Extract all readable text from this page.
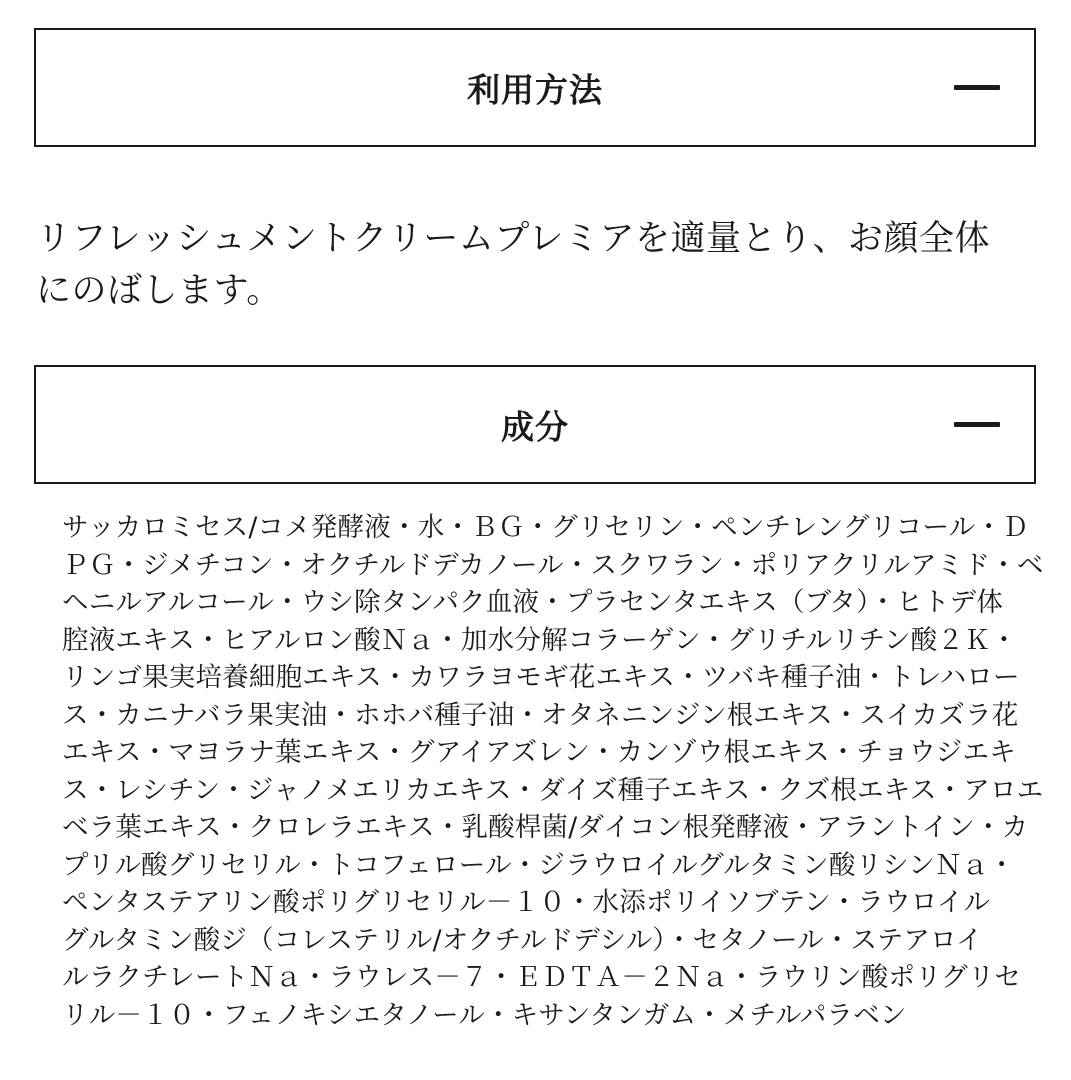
利用方法

リフレッシュメントクリームプレミアを適量とり、お顔全体
にのばします。

成分
サッカロミセス/コメ発酵液・水・ＢＧ・グリセリン・ペンチレングリコール・Ｄ
ＰＧ・ジメチコン・オクチルドデカノール・スクワラン・ポリアクリルアミド・ベ
ヘニルアルコール・ウシ除タンパク血液・プラセンタエキス（ブタ）・ヒトデ体
腔液エキス・ヒアルロン酸Ｎａ・加水分解コラーゲン・グリチルリチン酸２Ｋ・
リンゴ果実培養細胞エキス・カワラヨモギ花エキス・ツバキ種子油・トレハロー
ス・カニナバラ果実油・ホホバ種子油・オタネニンジン根エキス・スイカズラ花
エキス・マヨラナ葉エキス・グアイアズレン・カンゾウ根エキス・チョウジエキ
ス・レシチン・ジャノメエリカエキス・ダイズ種子エキス・クズ根エキス・アロエ
ベラ葉エキス・クロレラエキス・乳酸桿菌/ダイコン根発酵液・アラントイン・カ
プリル酸グリセリル・トコフェロール・ジラウロイルグルタミン酸リシンＮａ・
ペンタステアリン酸ポリグリセリル－１０・水添ポリイソブテン・ラウロイル
グルタミン酸ジ（コレステリル/オクチルドデシル）・セタノール・ステアロイ
ルラクチレートＮａ・ラウレス－７・ＥＤＴＡ－２Ｎａ・ラウリン酸ポリグリセ
リル－１０・フェノキシエタノール・キサンタンガム・メチルパラベン
